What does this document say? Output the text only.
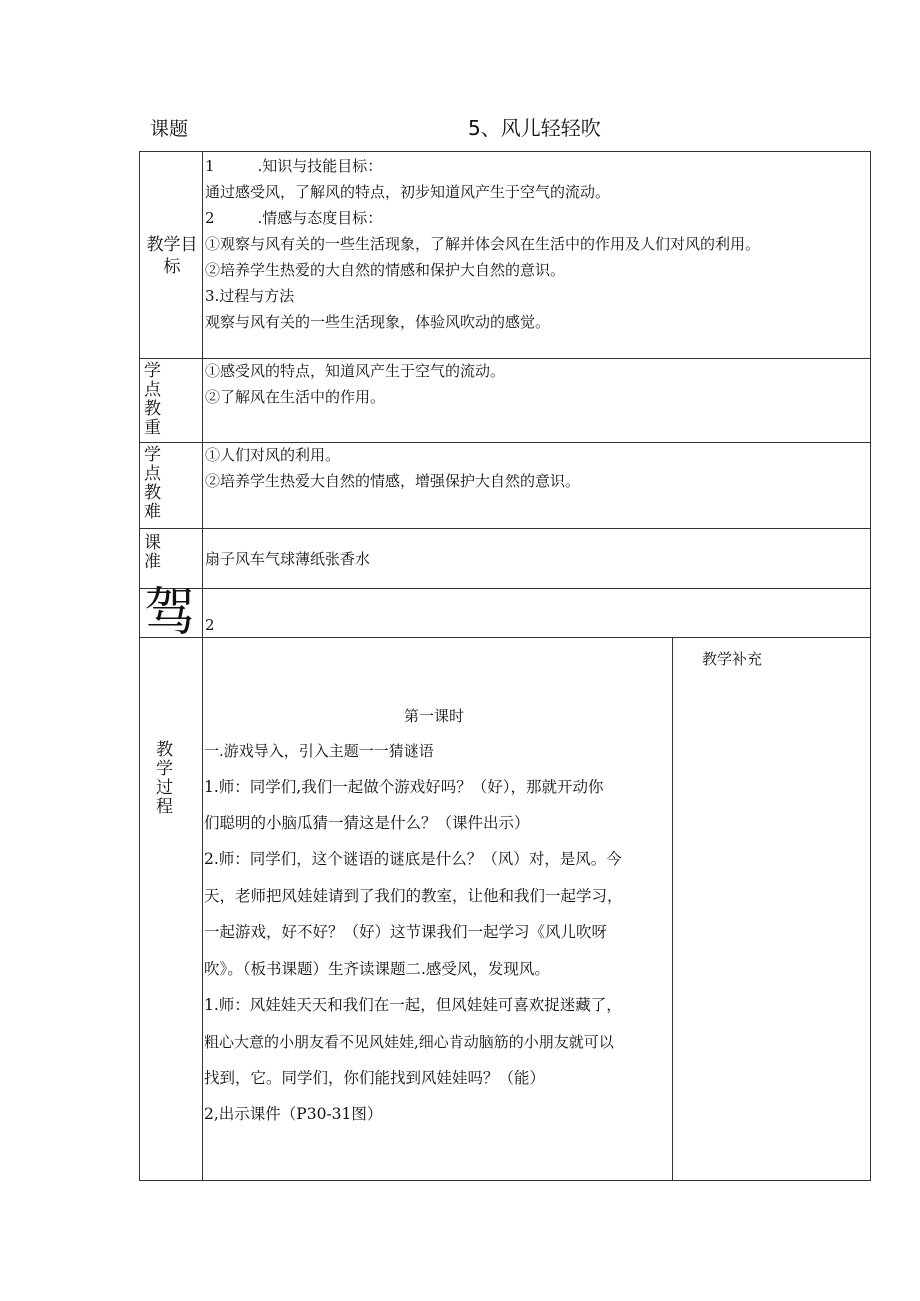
课题	5、风儿轻轻吹
教学目标
1         .知识与技能目标：
通过感受风，了解风的特点，初步知道风产生于空气的流动。
2         .情感与态度目标：
①观察与风有关的一些生活现象，了解并体会风在生活中的作用及人们对风的利用。
②培养学生热爱的大自然的情感和保护大自然的意识。
3.过程与方法
观察与风有关的一些生活现象，体验风吹动的感觉。
学点教重
①感受风的特点，知道风产生于空气的流动。
②了解风在生活中的作用。
学点教难
①人们对风的利用。
②培养学生热爱大自然的情感，增强保护大自然的意识。
课准	扇子风车气球薄纸张香水
驾 2
教学过程
教学补充
第一课时
一.游戏导入，引入主题一一猜谜语
1.师：同学们,我们一起做个游戏好吗？（好），那就开动你
们聪明的小脑瓜猜一猜这是什么？（课件出示）
2.师：同学们，这个谜语的谜底是什么？（风）对，是风。今
天，老师把风娃娃请到了我们的教室，让他和我们一起学习，
一起游戏，好不好？（好）这节课我们一起学习《风儿吹呀
吹》。（板书课题）生齐读课题二.感受风，发现风。
1.师：风娃娃天天和我们在一起，但风娃娃可喜欢捉迷藏了，
粗心大意的小朋友看不见风娃娃,细心肯动脑筋的小朋友就可以
找到，它。同学们，你们能找到风娃娃吗？（能）
2,出示课件（P30-31图）
